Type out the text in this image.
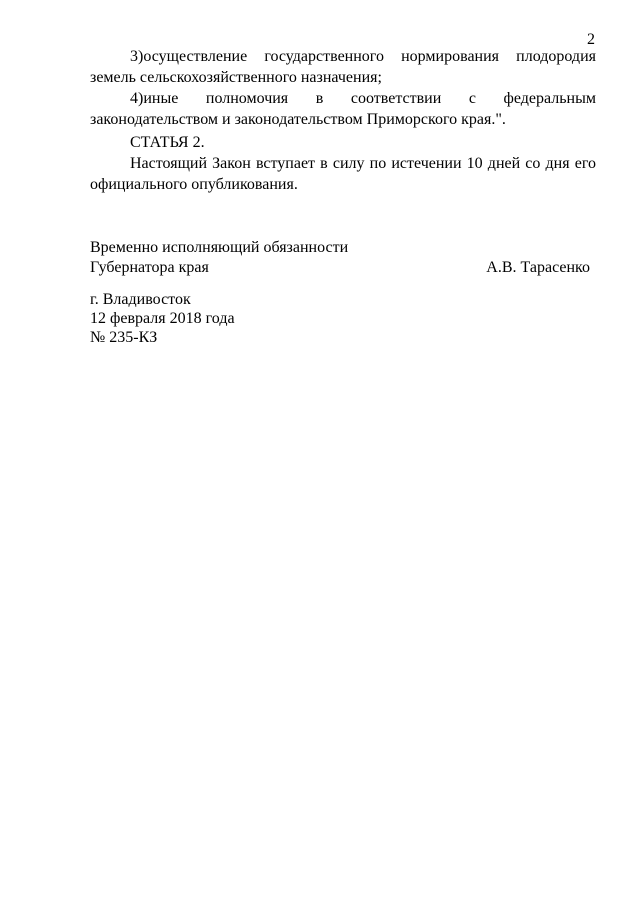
2

3)осуществление государственного нормирования плодородия земель сельскохозяйственного назначения;

4)иные полномочия в соответствии с федеральным законодательством и законодательством Приморского края.".

СТАТЬЯ 2.

Настоящий Закон вступает в силу по истечении 10 дней со дня его официального опубликования.

Временно исполняющий обязанности
Губернатора края	А.В. Тарасенко
г. Владивосток
12 февраля 2018 года
№ 235-КЗ
